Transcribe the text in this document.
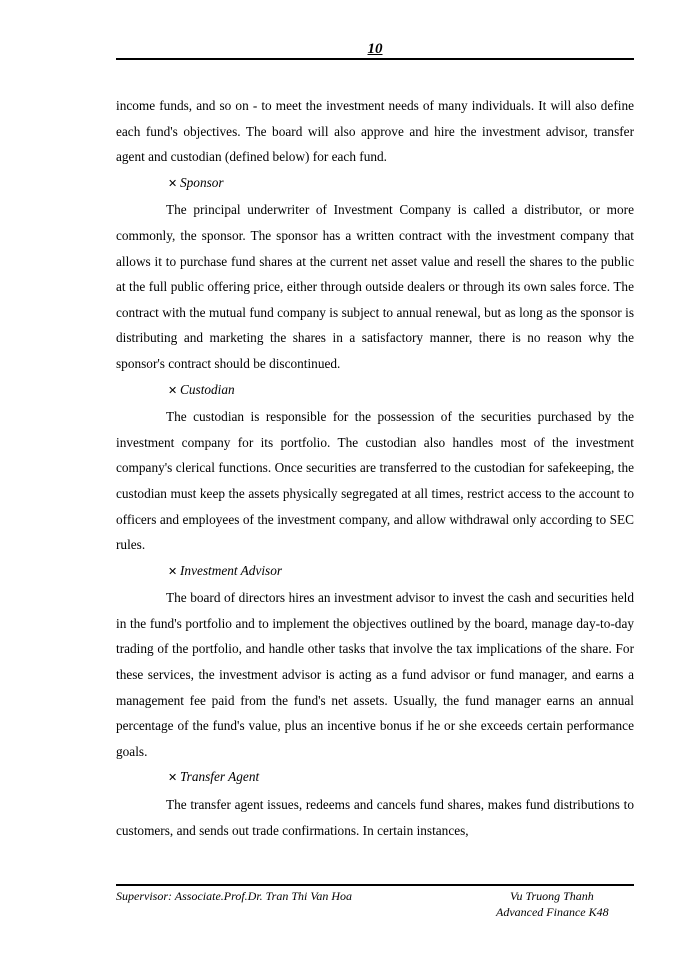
10

income funds, and so on - to meet the investment needs of many individuals. It will also define each fund's objectives. The board will also approve and hire the investment advisor, transfer agent and custodian (defined below) for each fund.

✕ Sponsor

The principal underwriter of Investment Company is called a distributor, or more commonly, the sponsor. The sponsor has a written contract with the investment company that allows it to purchase fund shares at the current net asset value and resell the shares to the public at the full public offering price, either through outside dealers or through its own sales force. The contract with the mutual fund company is subject to annual renewal, but as long as the sponsor is distributing and marketing the shares in a satisfactory manner, there is no reason why the sponsor's contract should be discontinued.

✕ Custodian

The custodian is responsible for the possession of the securities purchased by the investment company for its portfolio. The custodian also handles most of the investment company's clerical functions. Once securities are transferred to the custodian for safekeeping, the custodian must keep the assets physically segregated at all times, restrict access to the account to officers and employees of the investment company, and allow withdrawal only according to SEC rules.

✕ Investment Advisor

The board of directors hires an investment advisor to invest the cash and securities held in the fund's portfolio and to implement the objectives outlined by the board, manage day-to-day trading of the portfolio, and handle other tasks that involve the tax implications of the share. For these services, the investment advisor is acting as a fund advisor or fund manager, and earns a management fee paid from the fund's net assets. Usually, the fund manager earns an annual percentage of the fund's value, plus an incentive bonus if he or she exceeds certain performance goals.

✕ Transfer Agent

The transfer agent issues, redeems and cancels fund shares, makes fund distributions to customers, and sends out trade confirmations. In certain instances,

Supervisor: Associate.Prof.Dr. Tran Thi Van Hoa	Vu Truong Thanh
Advanced Finance K48
